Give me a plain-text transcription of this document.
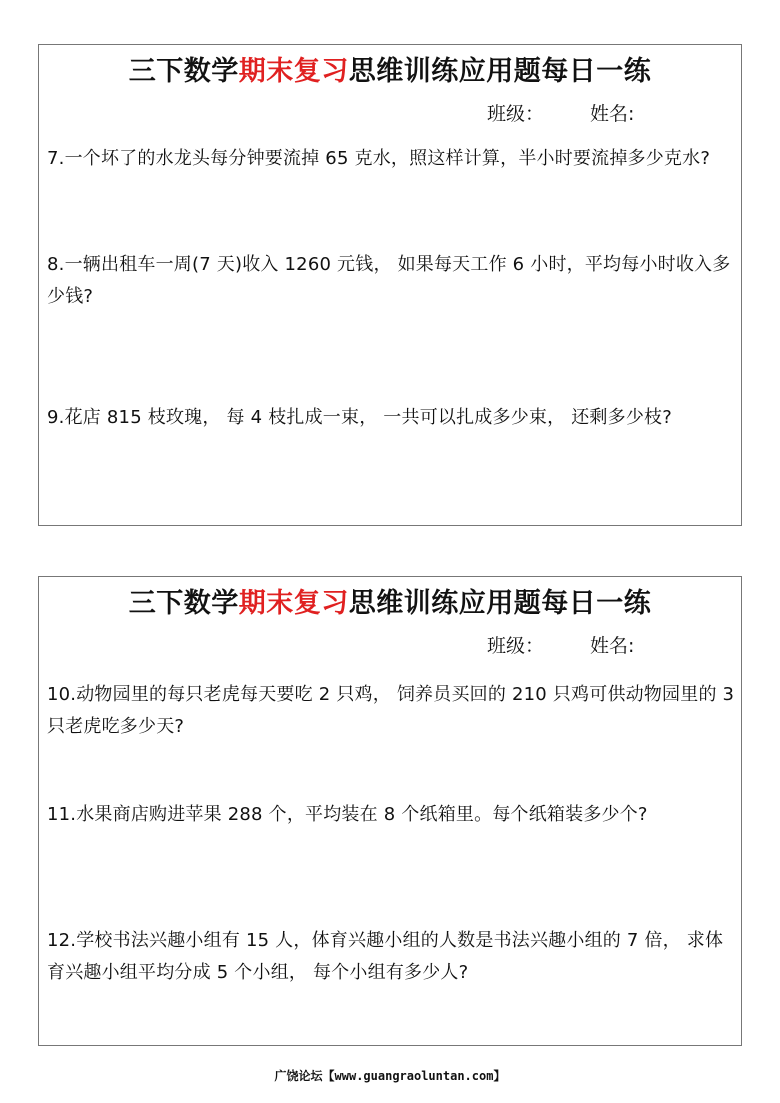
三下数学期末复习思维训练应用题每日一练
班级： 姓名:
7.一个坏了的水龙头每分钟要流掉 65 克水，照这样计算，半小时要流掉多少克水?
8.一辆出租车一周(7 天)收入 1260 元钱， 如果每天工作 6 小时，平均每小时收入多少钱?
9.花店 815 枝玫瑰， 每 4 枝扎成一束， 一共可以扎成多少束， 还剩多少枝?
三下数学期末复习思维训练应用题每日一练
班级： 姓名:
10.动物园里的每只老虎每天要吃 2 只鸡， 饲养员买回的 210 只鸡可供动物园里的 3 只老虎吃多少天?
11.水果商店购进苹果 288 个，平均装在 8 个纸箱里。每个纸箱装多少个?
12.学校书法兴趣小组有 15 人，体育兴趣小组的人数是书法兴趣小组的 7 倍， 求体育兴趣小组平均分成 5 个小组， 每个小组有多少人?
广饶论坛【www.guangraoluntan.com】
